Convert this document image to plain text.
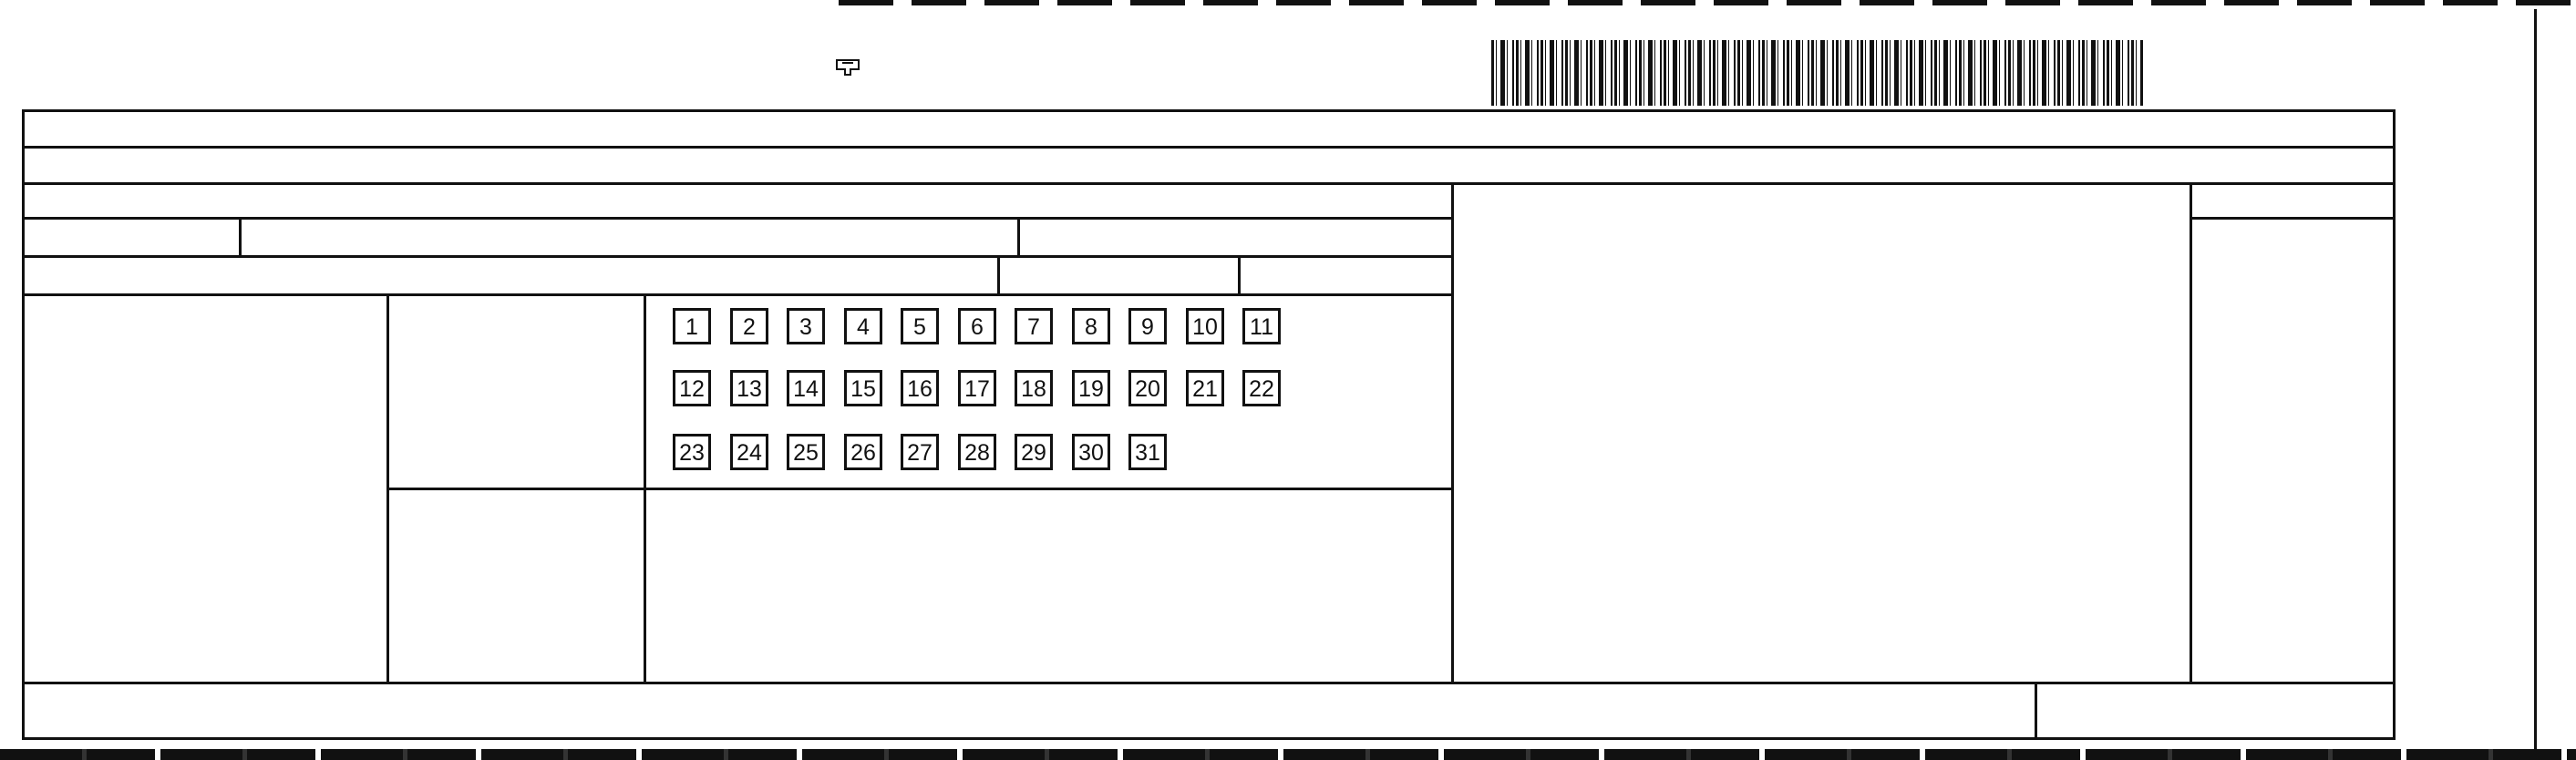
1	2	3	4	5	6	7	8	9	10	11
12 13 14 15 16 17 18 19 20 21 22
23 24 25 26 27 28 29 30 31
